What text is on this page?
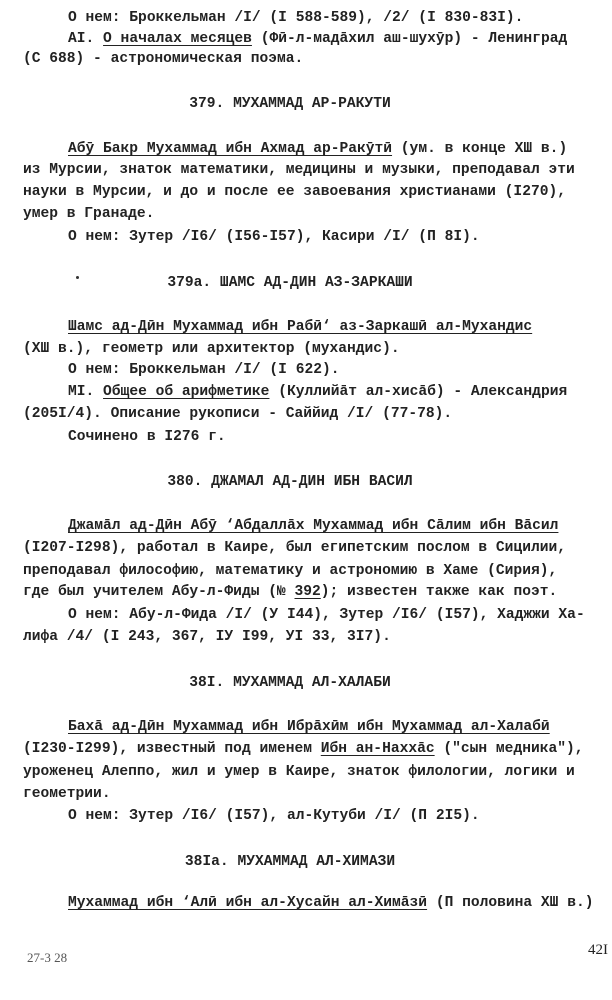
О нем: Броккельман /I/ (I 588-589), /2/ (I 830-83I).
AI. О началах месяцев (Фӣ-л-мадāхил аш-шухӯр) - Ленинград
(С 688) - астрономическая поэма.
379. МУХАММАД АР-РАКУТИ
Абӯ Бакр Мухаммад ибн Ахмад ар-Ракӯтӣ (ум. в конце ХШ в.)
из Мурсии, знаток математики, медицины и музыки, преподавал эти
науки в Мурсии, и до и после ее завоевания христианами (I270),
умер в Гранаде.
О нем: Зутер /I6/ (I56-I57), Касири /I/ (П 8I).
379а. ШАМС АД-ДИН АЗ-ЗАРКАШИ
Шамс ад-Дӣн Мухаммад ибн Рабӣ‘ аз-Заркашӣ ал-Мухандис
(ХШ в.), геометр или архитектор (мухандис).
О нем: Броккельман /I/ (I 622).
MI. Общее об арифметике (Куллийāт ал-хисāб) - Александрия
(205I/4). Описание рукописи - Саййид /I/ (77-78).
Сочинено в I276 г.
380. ДЖАМАЛ АД-ДИН ИБН ВАСИЛ
Джамāл ад-Дӣн Абӯ ‘Абдаллāх Мухаммад ибн Сāлим ибн Вāсил
(I207-I298), работал в Каире, был египетским послом в Сицилии,
преподавал философию, математику и астрономию в Хаме (Сирия),
где был учителем Абу-л-Фиды (№ 392); известен также как поэт.
О нем: Абу-л-Фида /I/ (У I44), Зутер /I6/ (I57), Хаджжи Ха-
лифа /4/ (I 243, 367, IУ I99, УI 33, 3I7).
38I. МУХАММАД АЛ-ХАЛАБИ
Бахā ад-Дӣн Мухаммад ибн Ибрāхӣм ибн Мухаммад ал-Халабӣ
(I230-I299), известный под именем Ибн ан-Наххāс ("сын медника"),
уроженец Алеппо, жил и умер в Каире, знаток филологии, логики и
геометрии.
О нем: Зутер /I6/ (I57), ал-Кутуби /I/ (П 2I5).
38Iа. МУХАММАД АЛ-ХИМАЗИ
Мухаммад ибн ‘Алӣ ибн ал-Хусайн ал-Химāзӣ (П половина ХШ в.)
27-3 28	42I
